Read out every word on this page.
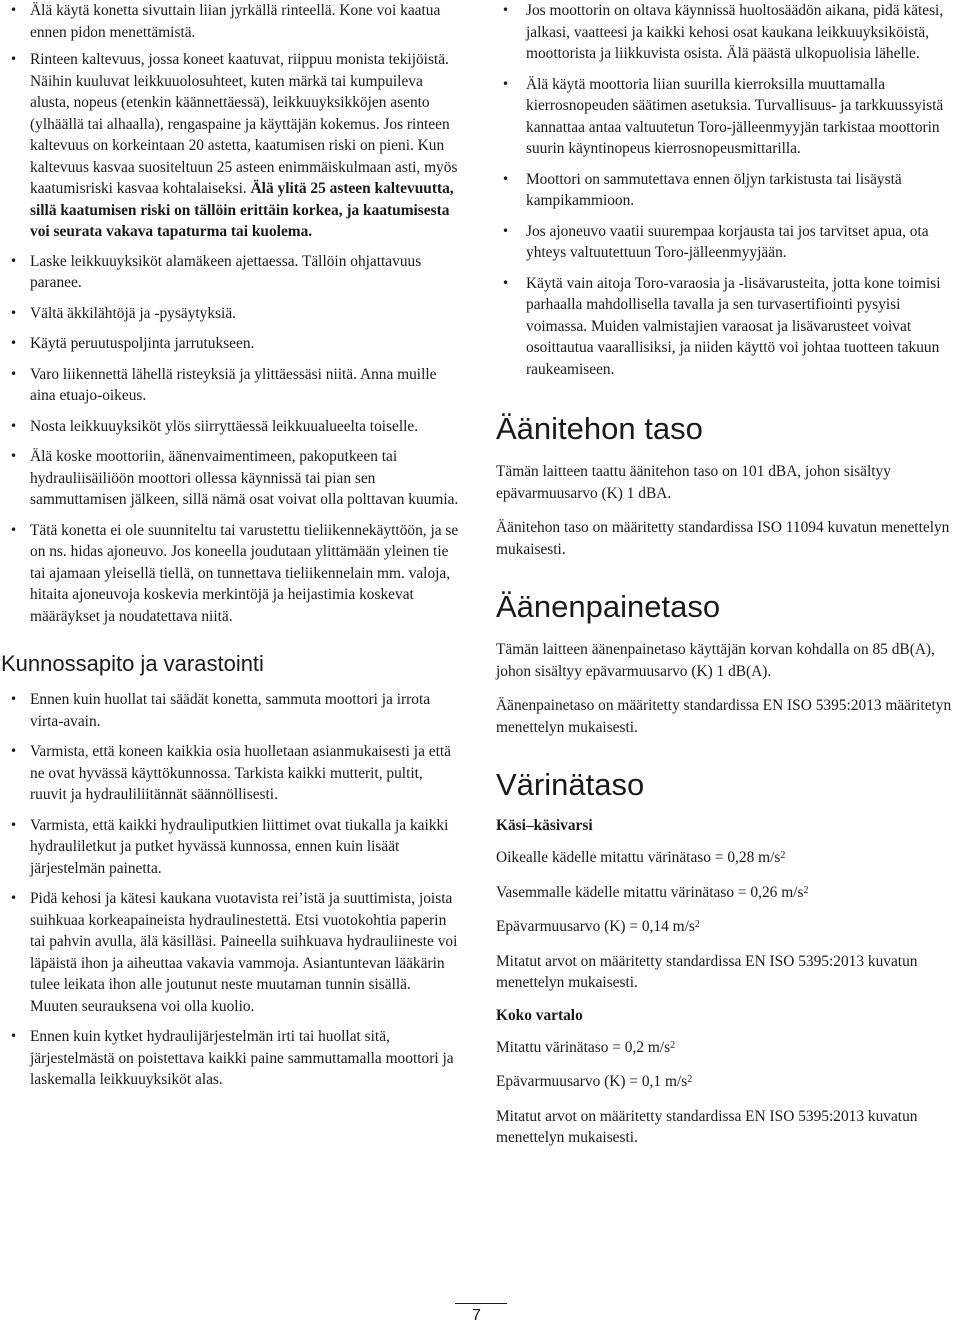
• Älä käytä konetta sivuttain liian jyrkällä rinteellä. Kone voi kaatua ennen pidon menettämistä.
• Rinteen kaltevuus, jossa koneet kaatuvat, riippuu monista tekijöistä. Näihin kuuluvat leikkuuolosuhteet, kuten märkä tai kumpuileva alusta, nopeus (etenkin käännettäessä), leikkuuyksikköjen asento (ylhäällä tai alhaalla), rengaspaine ja käyttäjän kokemus. Jos rinteen kaltevuus on korkeintaan 20 astetta, kaatumisen riski on pieni. Kun kaltevuus kasvaa suositeltuun 25 asteen enimmäiskulmaan asti, myös kaatumisriski kasvaa kohtalaiseksi. Älä ylitä 25 asteen kaltevuutta, sillä kaatumisen riski on tällöin erittäin korkea, ja kaatumisesta voi seurata vakava tapaturma tai kuolema.
• Laske leikkuuyksiköt alamäkeen ajettaessa. Tällöin ohjattavuus paranee.
• Vältä äkkilähtöjä ja -pysäytyksiä.
• Käytä peruutuspoljinta jarrutukseen.
• Varo liikennettä lähellä risteyksiä ja ylittäessäsi niitä. Anna muille aina etuajo-oikeus.
• Nosta leikkuuyksiköt ylös siirryttäessä leikkuualueelta toiselle.
• Älä koske moottoriin, äänenvaimentimeen, pakoputkeen tai hydrauliisäiliöön moottori ollessa käynnissä tai pian sen sammuttamisen jälkeen, sillä nämä osat voivat olla polttavan kuumia.
• Tätä konetta ei ole suunniteltu tai varustettu tieliikennekäyttöön, ja se on ns. hidas ajoneuvo. Jos koneella joudutaan ylittämään yleinen tie tai ajamaan yleisellä tiellä, on tunnettava tieliikennelain mm. valoja, hitaita ajoneuvoja koskevia merkintöjä ja heijastimia koskevat määräykset ja noudatettava niitä.
Kunnossapito ja varastointi
• Ennen kuin huollat tai säädät konetta, sammuta moottori ja irrota virta-avain.
• Varmista, että koneen kaikkia osia huolletaan asianmukaisesti ja että ne ovat hyvässä käyttökunnossa. Tarkista kaikki mutterit, pultit, ruuvit ja hydrauliliitännät säännöllisesti.
• Varmista, että kaikki hydrauliputkien liittimet ovat tiukalla ja kaikki hydrauliletkut ja putket hyvässä kunnossa, ennen kuin lisäät järjestelmän painetta.
• Pidä kehosi ja kätesi kaukana vuotavista rei’istä ja suuttimista, joista suihkuaa korkeapaineista hydraulinestettä. Etsi vuotokohtia paperin tai pahvin avulla, älä käsilläsi. Paineella suihkuava hydrauliineste voi läpäistä ihon ja aiheuttaa vakavia vammoja. Asiantuntevan lääkärin tulee leikata ihon alle joutunut neste muutaman tunnin sisällä. Muuten seurauksena voi olla kuolio.
• Ennen kuin kytket hydraulijärjestelmän irti tai huollat sitä, järjestelmästä on poistettava kaikki paine sammuttamalla moottori ja laskemalla leikkuuyksiköt alas.
• Jos moottorin on oltava käynnissä huoltosäädön aikana, pidä kätesi, jalkasi, vaatteesi ja kaikki kehosi osat kaukana leikkuuyksiköistä, moottorista ja liikkuvista osista. Älä päästä ulkopuolisia lähelle.
• Älä käytä moottoria liian suurilla kierroksilla muuttamalla kierrosnopeuden säätimen asetuksia. Turvallisuus- ja tarkkuussyistä kannattaa antaa valtuutetun Toro-jälleenmyyjän tarkistaa moottorin suurin käyntinopeus kierrosnopeusmittarilla.
• Moottori on sammutettava ennen öljyn tarkistusta tai lisäystä kampikammioon.
• Jos ajoneuvo vaatii suurempaa korjausta tai jos tarvitset apua, ota yhteys valtuutettuun Toro-jälleenmyyjään.
• Käytä vain aitoja Toro-varaosia ja -lisävarusteita, jotta kone toimisi parhaalla mahdollisella tavalla ja sen turvasertifiointi pysyisi voimassa. Muiden valmistajien varaosat ja lisävarusteet voivat osoittautua vaarallisiksi, ja niiden käyttö voi johtaa tuotteen takuun raukeamiseen.
Äänitehon taso

Tämän laitteen taattu äänitehon taso on 101 dBA, johon sisältyy epävarmuusarvo (K) 1 dBA.

Äänitehon taso on määritetty standardissa ISO 11094 kuvatun menettelyn mukaisesti.

Äänenpainetaso

Tämän laitteen äänenpainetaso käyttäjän korvan kohdalla on 85 dB(A), johon sisältyy epävarmuusarvo (K) 1 dB(A).

Äänenpainetaso on määritetty standardissa EN ISO 5395:2013 määritetyn menettelyn mukaisesti.

Värinätaso

Käsi–käsivarsi

Oikealle kädelle mitattu värinätaso = 0,28 $m/s^2$

Vasemmalle kädelle mitattu värinätaso = 0,26 $m/s^2$

Epävarmuusarvo (K) = 0,14 $m/s^2$

Mitatut arvot on määritetty standardissa EN ISO 5395:2013 kuvatun menettelyn mukaisesti.

Koko vartalo

Mitattu värinätaso = 0,2 $m/s^2$

Epävarmuusarvo (K) = 0,1 $m/s^2$

Mitatut arvot on määritetty standardissa EN ISO 5395:2013 kuvatun menettelyn mukaisesti.

7
